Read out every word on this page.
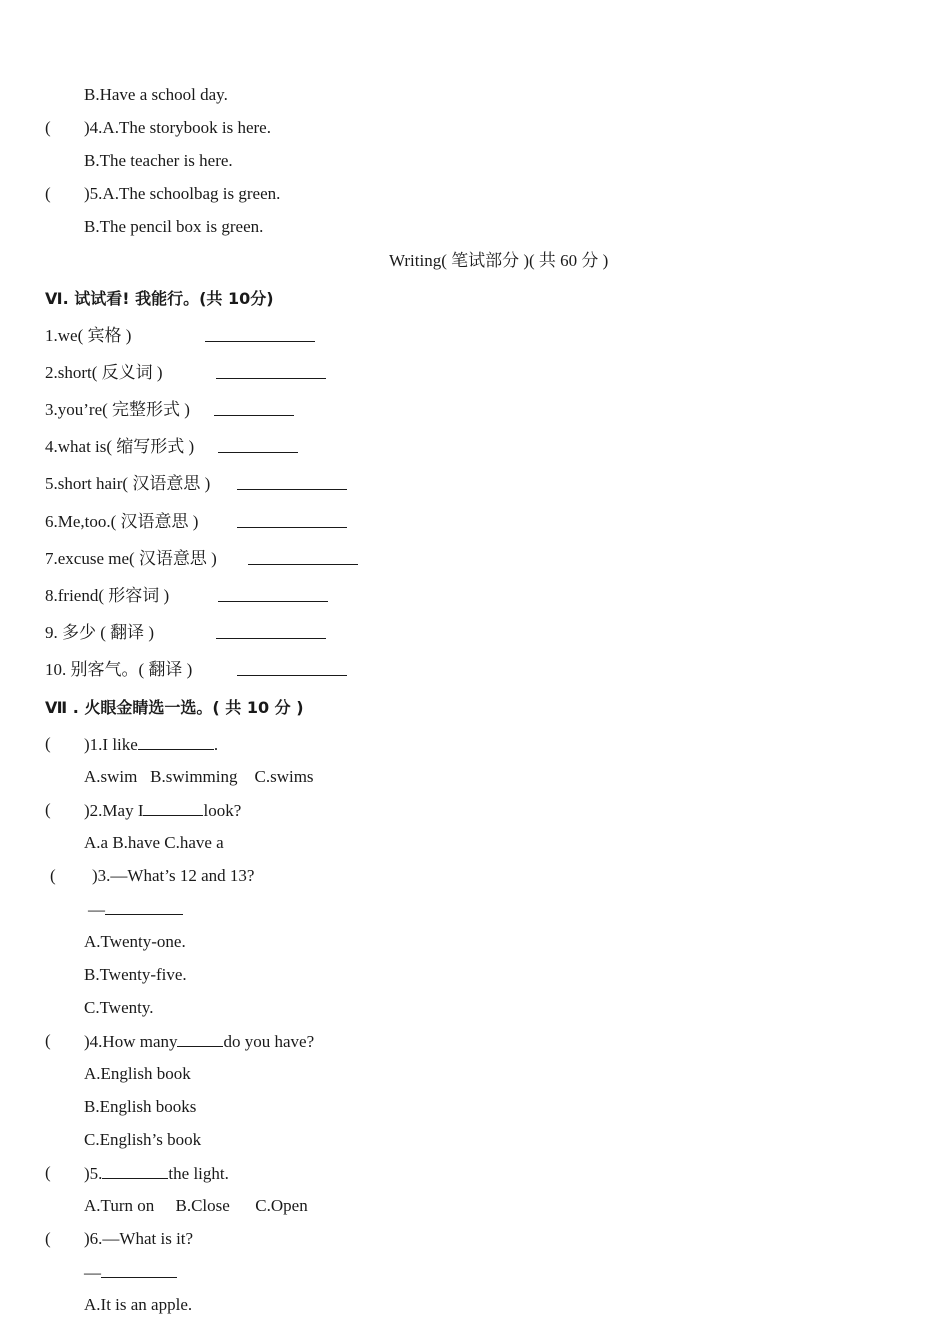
B.Have a school day.
( )4.A.The storybook is here.
B.The teacher is here.
( )5.A.The schoolbag is green.
B.The pencil box is green.
Writing( 笔试部分 )( 共 60 分 )
Ⅵ. 试试看! 我能行。(共 10分)
1.we( 宾格 )
2.short( 反义词 )
3.you’re( 完整形式 )
4.what is( 缩写形式 )
5.short hair( 汉语意思 )
6.Me,too.( 汉语意思 )
7.excuse me( 汉语意思 )
8.friend( 形容词 )
9. 多少 ( 翻译 )
10. 别客气。( 翻译 )
Ⅶ . 火眼金睛选一选。( 共 10 分 )
( )1.I like	.
A.swim   B.swimming    C.swims
( )2.May I	look?
A.a B.have C.have a
( )3.—What’s 12 and 13?
—
A.Twenty-one.
B.Twenty-five.
C.Twenty.
( )4.How many	do you have?
A.English book
B.English books
C.English’s book
( )5.	the light.
A.Turn on     B.Close      C.Open
( )6.—What is it?
—
A.It is an apple.
